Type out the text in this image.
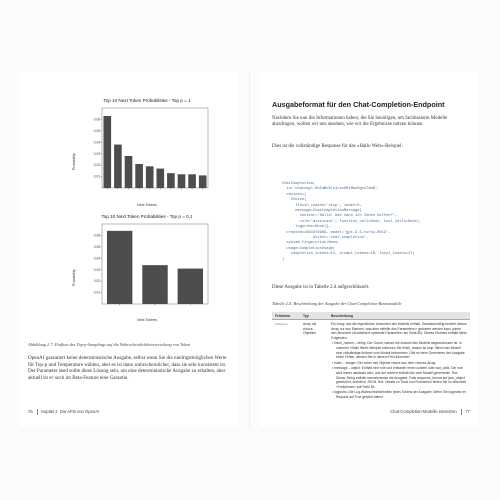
Top 10 Next Token Probabilities - Top p = 1
Probability
0.01
0.02
0.03
0.04
0.05
0.06
Next Tokens
Top 10 Next Token Probabilities - Top p = 0.1
Probability
0.01
0.02
0.03
0.04
0.05
0.06
Next Tokens
Abbildung 2.7: Einfluss des Top-p-Samplings auf die Wahrscheinlichkeitsverteilung von Token
OpenAI garantiert keine deterministische Ausgabe, selbst wenn Sie die niedrigstmöglichen Werte für Top-p und Temperature wählen, aber es ist dann wahrscheinlicher, dass sie sehr konsistent ist. Der Parameter seed sollte diese Lösung sein, um eine deterministische Ausgabe zu erhalten, aber aktuell ist er noch im Beta-Feature eine Garantie.
76 Kapitel 2 Die APIs von OpenAI
Ausgabeformat für den Chat-Completion-Endpoint
Nachdem Sie nun die Informationen haben, die Sie benötigen, um fachbasierte Modelle abzufragen, wollen wir uns ansehen, wie wir die Ergebnisse nutzen können.
Dies ist die vollständige Response für das »Hallo Welt«-Beispiel:
ChatCompletion(
id='chatcmpl-8uIaBnXlnjLaxDBtMwzHgn47dmB',
choices=[
Choice(
finish_reason='stop', index=0,
message=ChatCompletionMessage(
content='Hallo! Wie kann ich Ihnen helfen?',
role='assistant', function_call=None, tool_calls=None),
logprobs=None)],
created=1691676969, model='gpt-3.5-turbo-0613',
object='chat.completion',
system_fingerprint=None,
usage=CompletionUsage(
completion_tokens=11, prompt_tokens=16, total_tokens=27)
)
Diese Ausgabe ist in Tabelle 2.4 aufgeschlüsselt.
Tabelle 2.4: Beschreibung der Ausgabe der Chat-Completion-Basismodelle
Feldname	Typ	Beschreibung
choices	Array mit choice-Objekten	Ein Array, das die eigentlichen Antworten des Modells enthält. Standardmäßig besteht dieses Array nur aus Element, was aber mithilfe des Parameters n geändert werden kann (siehe den Abschnitt »Zusätzliche optionale Parameter« auf Seite 80). Dieses Element enthält diese Folgenden:
• finish_reason – string: Der Grund, warum die Antwort des Modells abgeschlossen ist. In unserem »Hallo Welt«-Beispiel erkennen Sie finish_reason ist stop. Wenn das Modell eine vollständige Antwort vom Modell bekommen. Gibt es beim Generieren der Ausgabe einen Fehler, werden Sie in diesem Feld informiert.
• index – integer: Der Index des Objekts choice aus dem choices-Array.
• message – object: Enthält eine role und entweder einen content oder tool_calls. Die role wird immer assistant sein, und der content enthält den vom Modell generierten Text. Dieser String enthält normalerweise die Ausgabe. Falls response_format auf json_object gesetzt ist, enthält er JSON-Text. Details zu Tools und Funktionen finden Sie im Abschnitt »Funktionen« auf Seite 84.
• logprobs: Die Log-Wahrscheinlichkeiten jedes Tokens der Ausgabe. Wenn Sie logprobs im Request auf True gesetzt haben.
Chat-Completion-Modelle einsetzen 77
